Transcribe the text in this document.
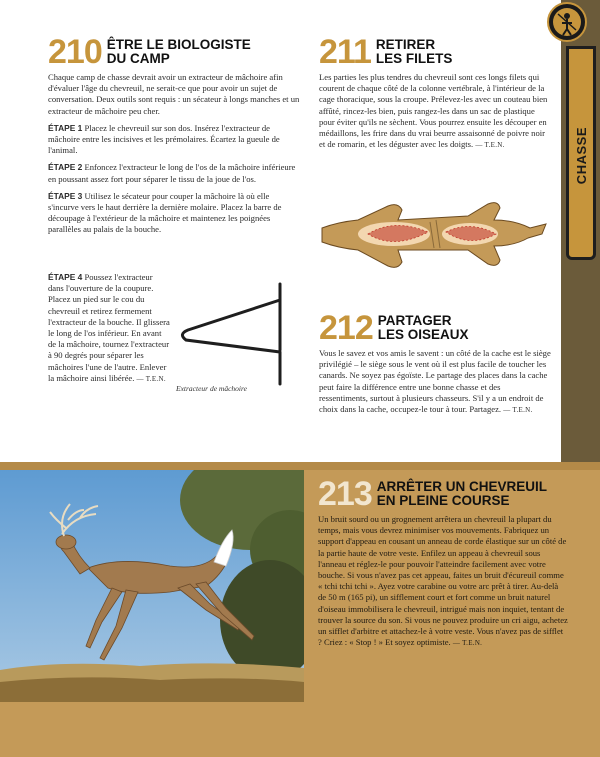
CHASSE
210 ÊTRE LE BIOLOGISTE
DU CAMP

Chaque camp de chasse devrait avoir un extracteur de mâchoire afin d'évaluer l'âge du chevreuil, ne serait-ce que pour avoir un sujet de conversation. Deux outils sont requis : un sécateur à longs manches et un extracteur de mâchoire peu cher.

ÉTAPE 1 Placez le chevreuil sur son dos. Insérez l'extracteur de mâchoire entre les incisives et les prémolaires. Écartez la gueule de l'animal.

ÉTAPE 2 Enfoncez l'extracteur le long de l'os de la mâchoire inférieure en poussant assez fort pour séparer le tissu de la joue de l'os.

ÉTAPE 3 Utilisez le sécateur pour couper la mâchoire là où elle s'incurve vers le haut derrière la dernière molaire. Placez la barre de découpage à l'extérieur de la mâchoire et maintenez les poignées parallèles au palais de la bouche.

ÉTAPE 4 Poussez l'extracteur dans l'ouverture de la coupure. Placez un pied sur le cou du chevreuil et retirez fermement l'extracteur de la bouche. Il glissera le long de l'os inférieur. En avant de la mâchoire, tournez l'extracteur à 90 degrés pour séparer les mâchoires l'une de l'autre. Enlever la mâchoire ainsi libérée. — T.E.N.

Extracteur de mâchoire
211 RETIRER
LES FILETS

Les parties les plus tendres du chevreuil sont ces longs filets qui courent de chaque côté de la colonne vertébrale, à l'intérieur de la cage thoracique, sous la croupe. Prélevez-les avec un couteau bien affûté, rincez-les bien, puis rangez-les dans un sac de plastique pour éviter qu'ils ne sèchent. Vous pourrez ensuite les découper en médaillons, les frire dans du vrai beurre assaisonné de poivre noir et de romarin, et les déguster avec les doigts. — T.E.N.

212 PARTAGER
LES OISEAUX

Vous le savez et vos amis le savent : un côté de la cache est le siège privilégié – le siège sous le vent où il est plus facile de toucher les canards. Ne soyez pas égoïste. Le partage des places dans la cache peut faire la différence entre une bonne chasse et des ressentiments, surtout à plusieurs chasseurs. S'il y a un endroit de choix dans la cache, occupez-le tour à tour. Partagez. — T.E.N.

213 ARRÊTER UN CHEVREUIL
EN PLEINE COURSE

Un bruit sourd ou un grognement arrêtera un chevreuil la plupart du temps, mais vous devrez minimiser vos mouvements. Fabriquez un support d'appeau en cousant un anneau de corde élastique sur un côté de la partie haute de votre veste. Enfilez un appeau à chevreuil sous l'anneau et réglez-le pour pouvoir l'atteindre facilement avec votre bouche. Si vous n'avez pas cet appeau, faites un bruit d'écureuil comme « tchi tchi tchi ». Ayez votre carabine ou votre arc prêt à tirer. Au-delà de 50 m (165 pi), un sifflement court et fort comme un bruit naturel d'oiseau immobilisera le chevreuil, intrigué mais non inquiet, tentant de trouver la source du son. Si vous ne pouvez produire un cri aigu, achetez un sifflet d'arbitre et attachez-le à votre veste. Vous n'avez pas de sifflet ? Criez : « Stop ! » Et soyez optimiste. — T.E.N.
